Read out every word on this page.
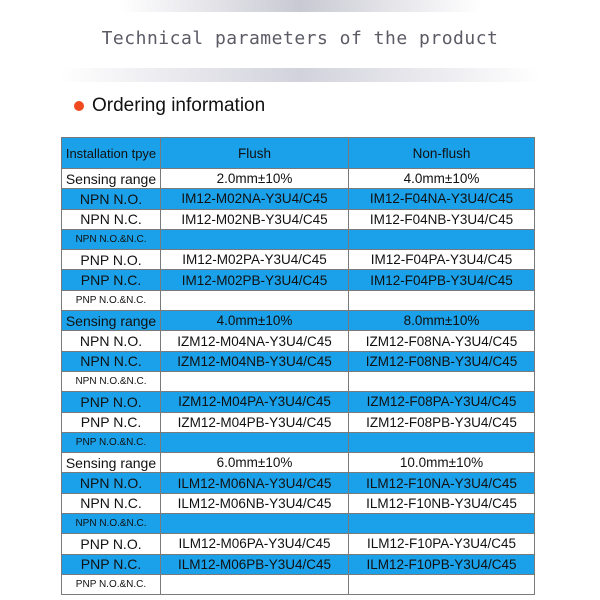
Technical parameters of the product
Ordering information
Installation tpye	Flush	Non-flush
Sensing range	2.0mm±10%	4.0mm±10%
NPN N.O.	IM12-M02NA-Y3U4/C45	IM12-F04NA-Y3U4/C45
NPN N.C.	IM12-M02NB-Y3U4/C45	IM12-F04NB-Y3U4/C45
NPN N.O.&N.C.
PNP N.O.	IM12-M02PA-Y3U4/C45	IM12-F04PA-Y3U4/C45
PNP N.C.	IM12-M02PB-Y3U4/C45	IM12-F04PB-Y3U4/C45
PNP N.O.&N.C.
Sensing range	4.0mm±10%	8.0mm±10%
NPN N.O.	IZM12-M04NA-Y3U4/C45	IZM12-F08NA-Y3U4/C45
NPN N.C.	IZM12-M04NB-Y3U4/C45	IZM12-F08NB-Y3U4/C45
NPN N.O.&N.C.
PNP N.O.	IZM12-M04PA-Y3U4/C45	IZM12-F08PA-Y3U4/C45
PNP N.C.	IZM12-M04PB-Y3U4/C45	IZM12-F08PB-Y3U4/C45
PNP N.O.&N.C.
Sensing range	6.0mm±10%	10.0mm±10%
NPN N.O.	ILM12-M06NA-Y3U4/C45	ILM12-F10NA-Y3U4/C45
NPN N.C.	ILM12-M06NB-Y3U4/C45	ILM12-F10NB-Y3U4/C45
NPN N.O.&N.C.
PNP N.O.	ILM12-M06PA-Y3U4/C45	ILM12-F10PA-Y3U4/C45
PNP N.C.	ILM12-M06PB-Y3U4/C45	ILM12-F10PB-Y3U4/C45
PNP N.O.&N.C.
